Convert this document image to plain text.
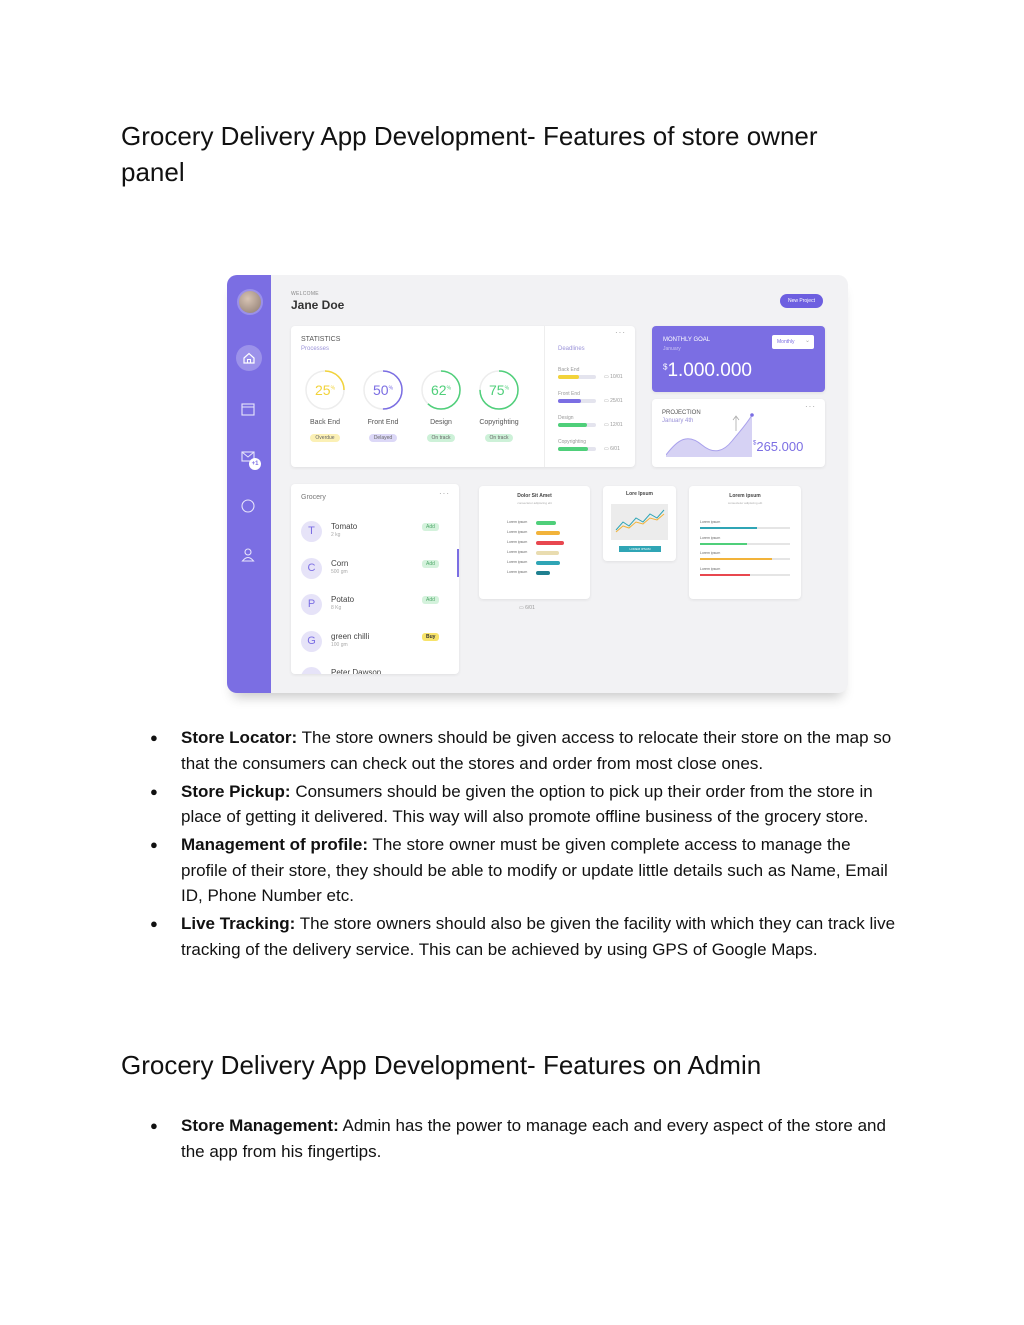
Grocery Delivery App Development- Features of store owner panel
+1
WELCOME
Jane Doe	New Project
STATISTICS
Processes
25%
Back End
Overdue
50%
Front End
Delayed
62%
Design
On track
75%
Copyrighting
On track
···
Deadlines
Back End
▭ 10/01
Front End
▭ 25/01
Design
▭ 12/01
Copyrighting
▭ 6/01
MONTHLY GOAL
January
Monthly ⌄
$1.000.000
PROJECTION
January 4th
···
$265.000
Grocery	···
T	Tomato
2 kg
Add
C	Corn
500 gm
Add
P	Potato
8 Kg
Add
G	green chilli
100 gm
Buy
Peter Dawson
Dolor Sit Amet
consectetur adipiscing elit
Lorem ipsum
Lorem ipsum
Lorem ipsum
Lorem ipsum
Lorem ipsum
Lorem ipsum
▭ 6/01
Lore Ipsum
LOREM IPSUM
Lorem ipsum
consectetur adipiscing elit
Lorem ipsum
Lorem ipsum
Lorem ipsum
Lorem ipsum
● Store Locator: The store owners should be given access to relocate their store on the map so that the consumers can check out the stores and order from most close ones.
● Store Pickup: Consumers should be given the option to pick up their order from the store in place of getting it delivered. This way will also promote offline business of the grocery store.
● Management of profile: The store owner must be given complete access to manage the profile of their store, they should be able to modify or update little details such as Name, Email ID, Phone Number etc.
● Live Tracking: The store owners should also be given the facility with which they can track live tracking of the delivery service. This can be achieved by using GPS of Google Maps.
Grocery Delivery App Development- Features on Admin
● Store Management: Admin has the power to manage each and every aspect of the store and the app from his fingertips.
